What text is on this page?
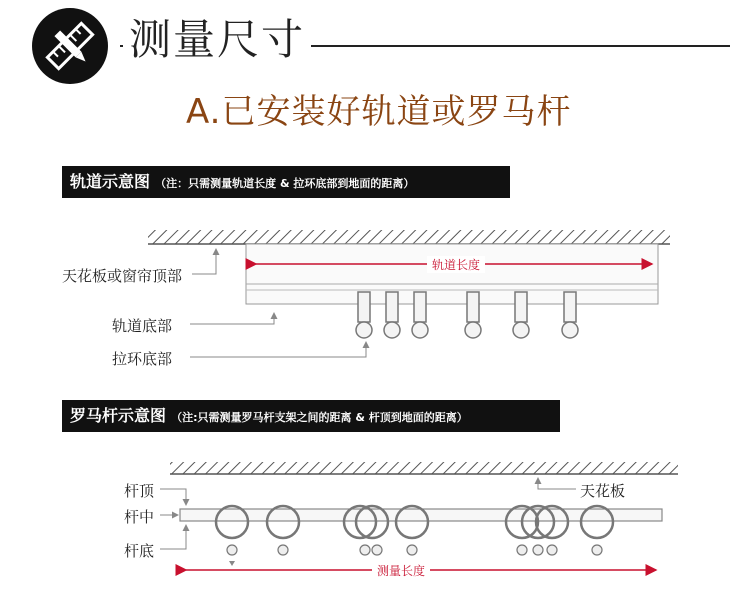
测量尺寸
A.已安装好轨道或罗马杆
轨道示意图 （注：只需测量轨道长度 & 拉环底部到地面的距离）
罗马杆示意图 （注:只需测量罗马杆支架之间的距离 & 杆顶到地面的距离）
天花板或窗帘顶部
轨道底部
拉环底部
轨道长度
杆顶
杆中
杆底
天花板
测量长度
